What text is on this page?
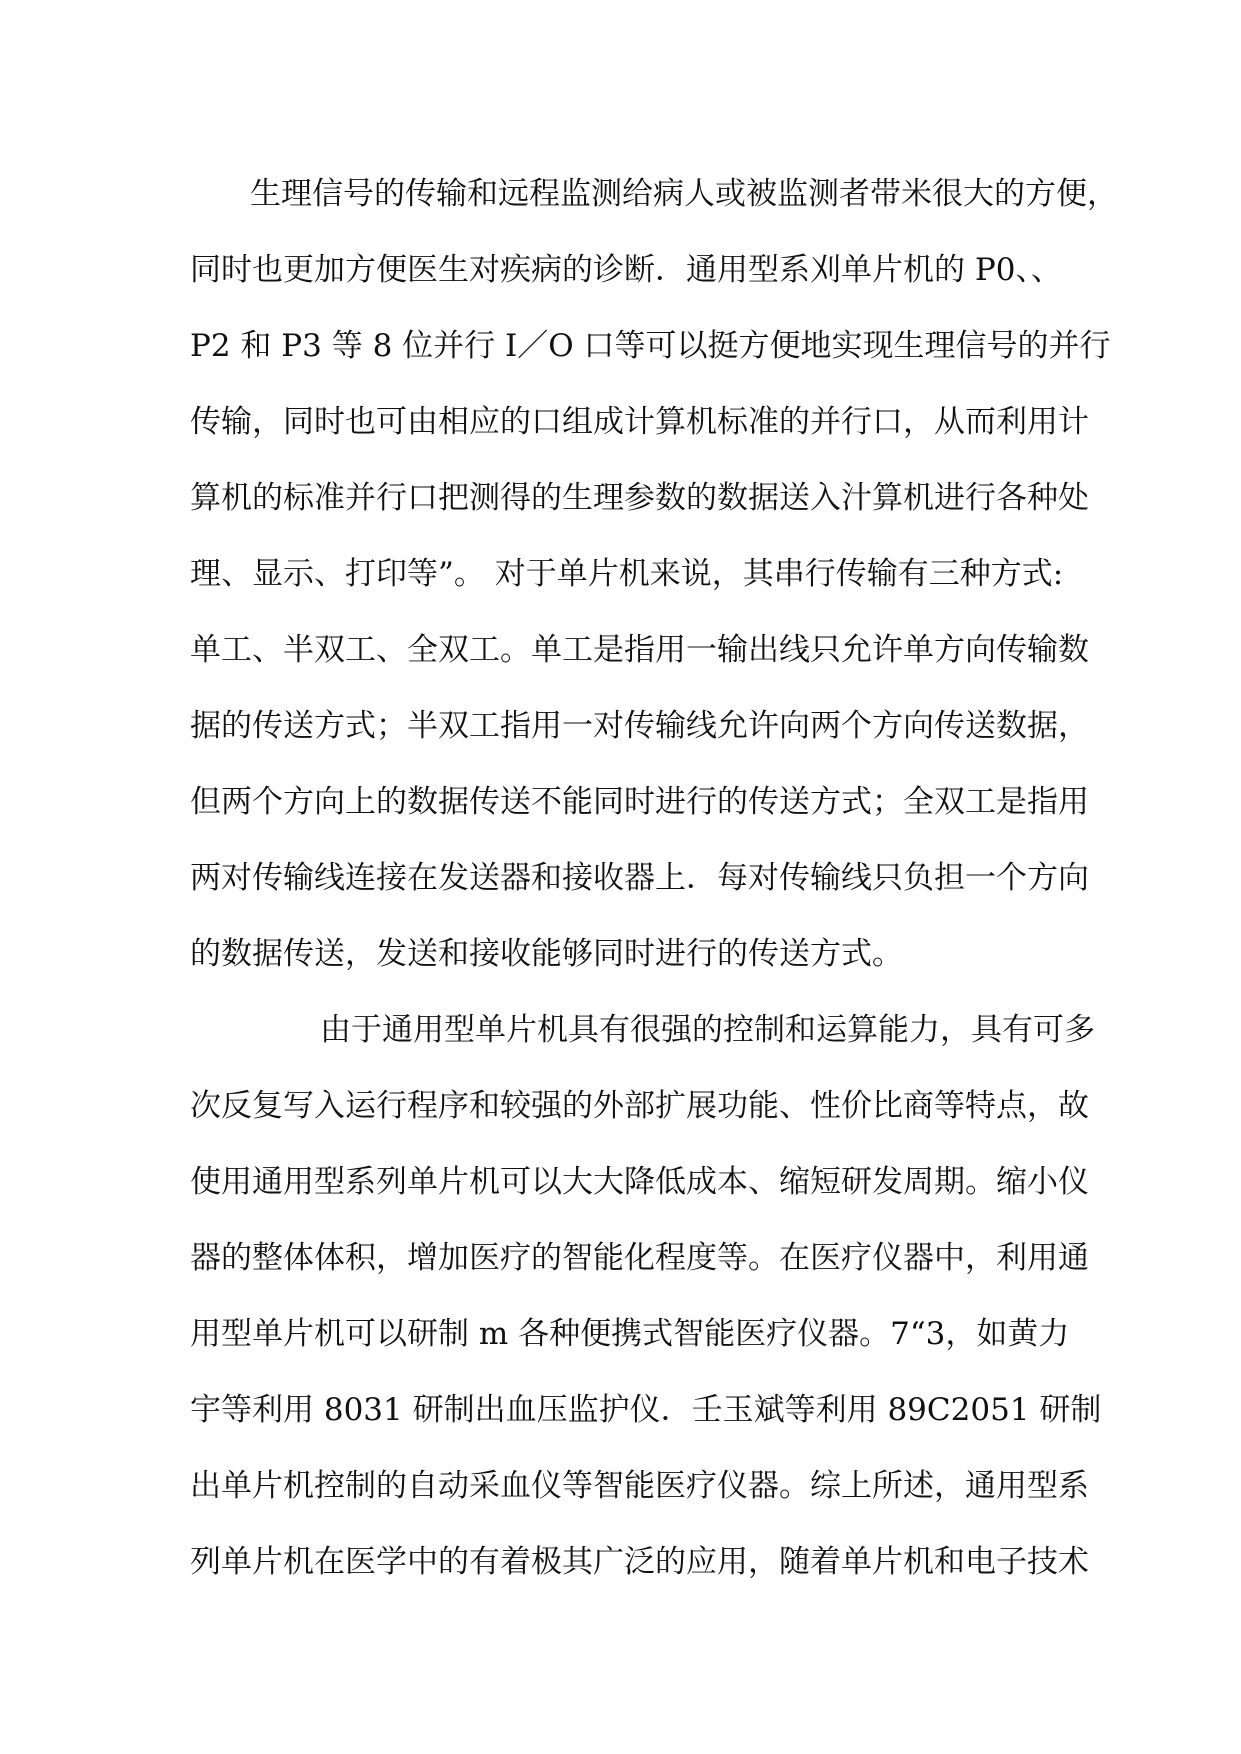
生理信号的传输和远程监测给病人或被监测者带米很大的方便，
同时也更加方便医生对疾病的诊断．通用型系刈单片机的 P0、、
P2 和 P3 等 8 位并行 I／O 口等可以挺方便地实现生理信号的并行
传输，同时也可由相应的口组成计算机标准的并行口，从而利用计
算机的标准并行口把测得的生理参数的数据送入汁算机进行各种处
理、显示、打印等”。 对于单片机来说，其串行传输有三种方式:
单工、半双工、全双工。单工是指用一输出线只允许单方向传输数
据的传送方式；半双工指用一对传输线允许向两个方向传送数据，
但两个方向上的数据传送不能同时进行的传送方式；全双工是指用
两对传输线连接在发送器和接收器上．每对传输线只负担一个方向
的数据传送，发送和接收能够同时进行的传送方式。
由于通用型单片机具有很强的控制和运算能力，具有可多
次反复写入运行程序和较强的外部扩展功能、性价比商等特点，故
使用通用型系列单片机可以大大降低成本、缩短研发周期。缩小仪
器的整体体积，增加医疗的智能化程度等。在医疗仪器中，利用通
用型单片机可以研制 m 各种便携式智能医疗仪器。7“3，如黄力
宇等利用 8031 研制出血压监护仪．壬玉斌等利用 89C2051 研制
出单片机控制的自动采血仪等智能医疗仪器。综上所述，通用型系
列单片机在医学中的有着极其广泛的应用，随着单片机和电子技术
